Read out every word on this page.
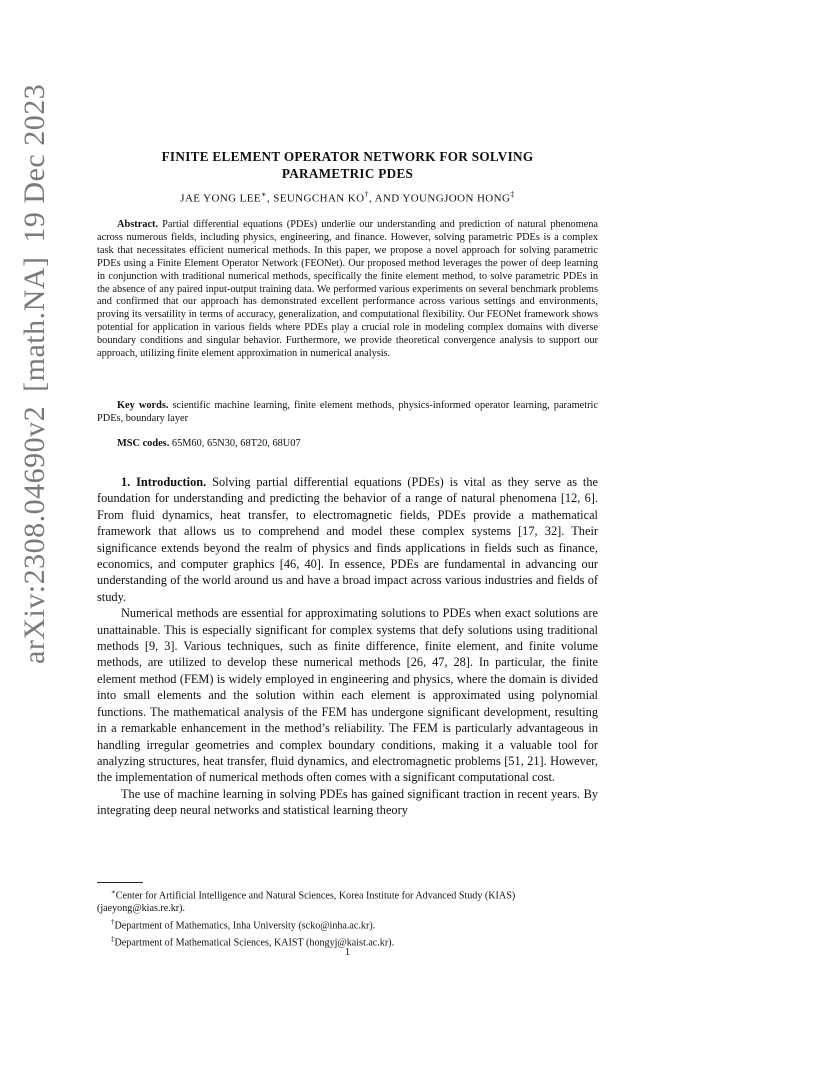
arXiv:2308.04690v2
[math.NA]
19 Dec 2023	FINITE ELEMENT OPERATOR NETWORK FOR SOLVING
PARAMETRIC PDES
JAE YONG LEE∗, SEUNGCHAN KO†, AND YOUNGJOON HONG‡
Abstract. Partial differential equations (PDEs) underlie our understanding and prediction of natural phenomena across numerous fields, including physics, engineering, and finance. However, solving parametric PDEs is a complex task that necessitates efficient numerical methods. In this paper, we propose a novel approach for solving parametric PDEs using a Finite Element Operator Network (FEONet). Our proposed method leverages the power of deep learning in conjunction with traditional numerical methods, specifically the finite element method, to solve parametric PDEs in the absence of any paired input-output training data. We performed various experiments on several benchmark problems and confirmed that our approach has demonstrated excellent performance across various settings and environments, proving its versatility in terms of accuracy, generalization, and computational flexibility. Our FEONet framework shows potential for application in various fields where PDEs play a crucial role in modeling complex domains with diverse boundary conditions and singular behavior. Furthermore, we provide theoretical convergence analysis to support our approach, utilizing finite element approximation in numerical analysis.
Key words. scientific machine learning, finite element methods, physics-informed operator learning, parametric PDEs, boundary layer
MSC codes. 65M60, 65N30, 68T20, 68U07

1. Introduction. Solving partial differential equations (PDEs) is vital as they serve as the foundation for understanding and predicting the behavior of a range of natural phenomena [12, 6]. From fluid dynamics, heat transfer, to electromagnetic fields, PDEs provide a mathematical framework that allows us to comprehend and model these complex systems [17, 32]. Their significance extends beyond the realm of physics and finds applications in fields such as finance, economics, and computer graphics [46, 40]. In essence, PDEs are fundamental in advancing our understanding of the world around us and have a broad impact across various industries and fields of study.

Numerical methods are essential for approximating solutions to PDEs when exact solutions are unattainable. This is especially significant for complex systems that defy solutions using traditional methods [9, 3]. Various techniques, such as finite difference, finite element, and finite volume methods, are utilized to develop these numerical methods [26, 47, 28]. In particular, the finite element method (FEM) is widely employed in engineering and physics, where the domain is divided into small elements and the solution within each element is approximated using polynomial functions. The mathematical analysis of the FEM has undergone significant development, resulting in a remarkable enhancement in the method’s reliability. The FEM is particularly advantageous in handling irregular geometries and complex boundary conditions, making it a valuable tool for analyzing structures, heat transfer, fluid dynamics, and electromagnetic problems [51, 21]. However, the implementation of numerical methods often comes with a significant computational cost.

The use of machine learning in solving PDEs has gained significant traction in recent years. By integrating deep neural networks and statistical learning theory

∗Center for Artificial Intelligence and Natural Sciences, Korea Institute for Advanced Study (KIAS) (jaeyong@kias.re.kr).

†Department of Mathematics, Inha University (scko@inha.ac.kr).

‡Department of Mathematical Sciences, KAIST (hongyj@kaist.ac.kr).

1
